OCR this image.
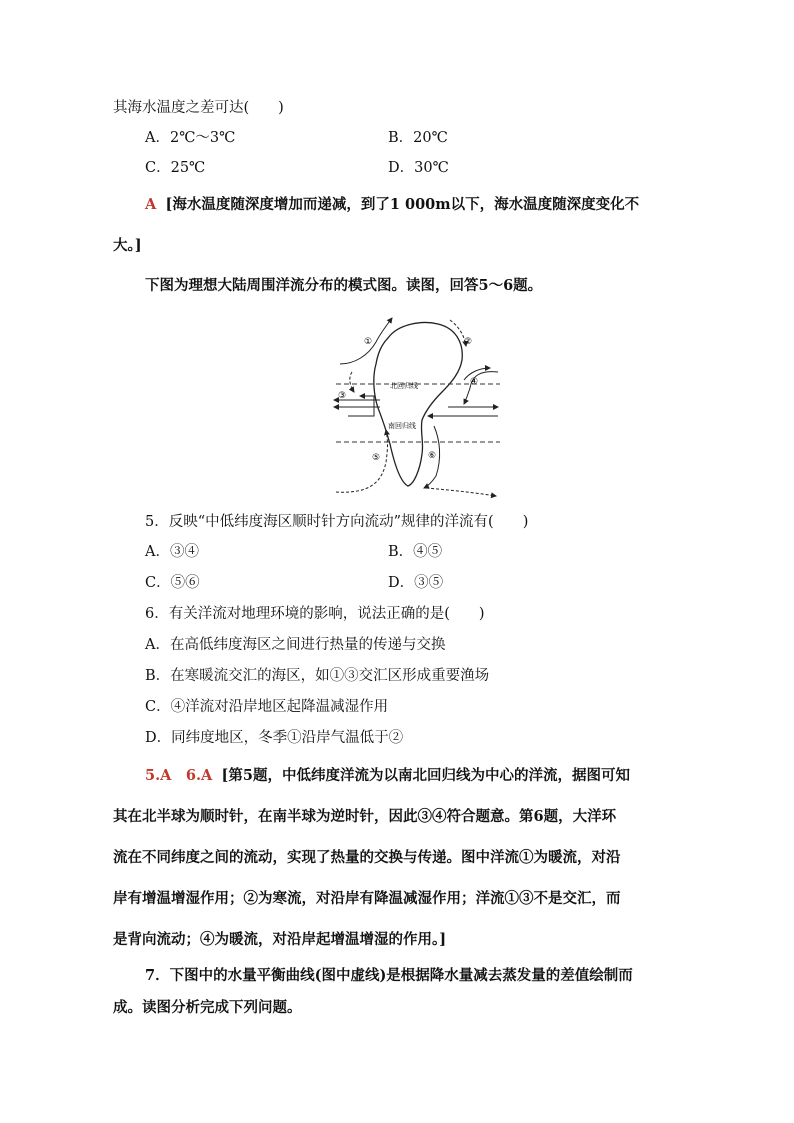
其海水温度之差可达(　　)
A．2℃～3℃	B．20℃
C．25℃	D．30℃
A [海水温度随深度增加而递减，到了1 000m以下，海水温度随深度变化不
大。]
下图为理想大陆周围洋流分布的模式图。读图，回答5～6题。
北回归线
南回归线
①	②
③
④
⑤	⑥
5．反映“中低纬度海区顺时针方向流动”规律的洋流有(　　)
A．③④	B．④⑤
C．⑤⑥	D．③⑤
6．有关洋流对地理环境的影响，说法正确的是(　　)
A．在高低纬度海区之间进行热量的传递与交换
B．在寒暖流交汇的海区，如①③交汇区形成重要渔场
C．④洋流对沿岸地区起降温减湿作用
D．同纬度地区，冬季①沿岸气温低于②
5.A　6.A [第5题，中低纬度洋流为以南北回归线为中心的洋流，据图可知
其在北半球为顺时针，在南半球为逆时针，因此③④符合题意。第6题，大洋环
流在不同纬度之间的流动，实现了热量的交换与传递。图中洋流①为暖流，对沿
岸有增温增湿作用；②为寒流，对沿岸有降温减湿作用；洋流①③不是交汇，而
是背向流动；④为暖流，对沿岸起增温增湿的作用。]
7．下图中的水量平衡曲线(图中虚线)是根据降水量减去蒸发量的差值绘制而
成。读图分析完成下列问题。
